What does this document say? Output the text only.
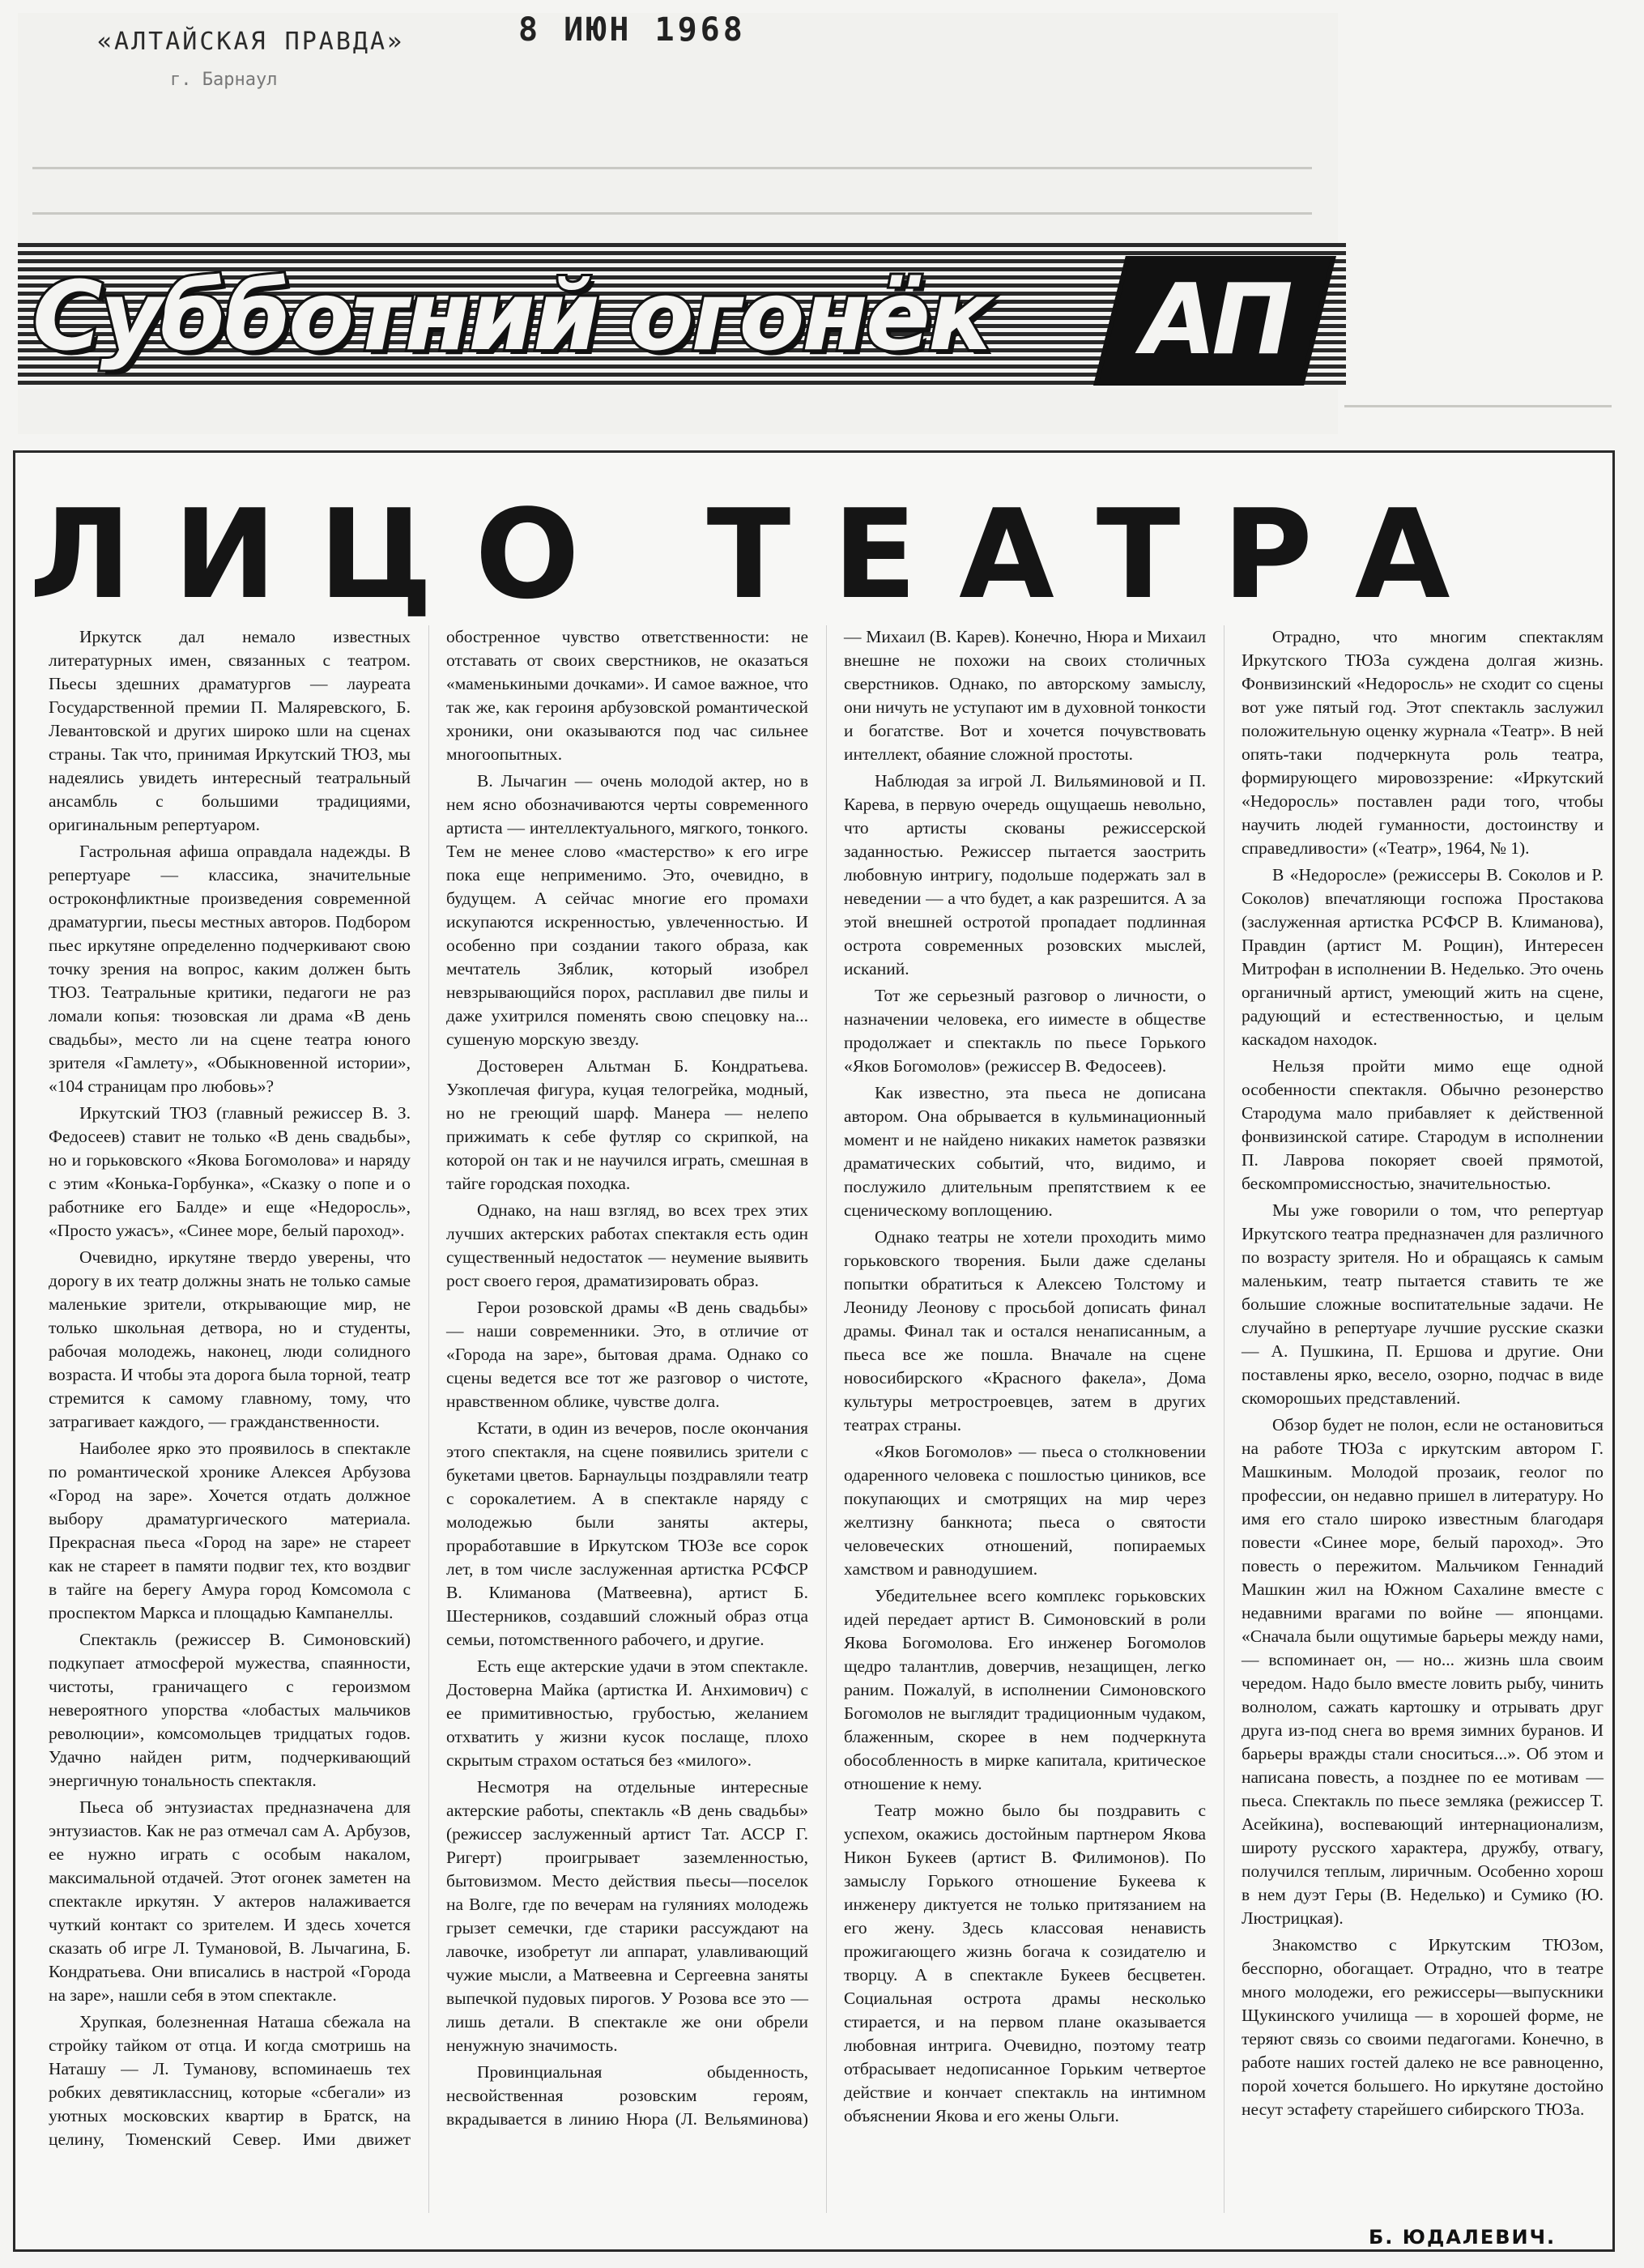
«АЛТАЙСКАЯ ПРАВДА»
г. Барнаул
8 ИЮН 1968
Субботний огонёк	АП
ЛИЦО ТЕАТРА

Иркутск дал немало известных литературных имен, связанных с театром. Пьесы здешних драматургов — лауреата Государственной премии П. Маляревского, Б. Левантовской и других широко шли на сценах страны. Так что, принимая Иркутский ТЮЗ, мы надеялись увидеть интересный театральный ансамбль с большими традициями, оригинальным репертуаром.

Гастрольная афиша оправдала надежды. В репертуаре — классика, значительные остроконфликтные произведения современной драматургии, пьесы местных авторов. Подбором пьес иркутяне определенно подчеркивают свою точку зрения на вопрос, каким должен быть ТЮЗ. Театральные критики, педагоги не раз ломали копья: тюзовская ли драма «В день свадьбы», место ли на сцене театра юного зрителя «Гамлету», «Обыкновенной истории», «104 страницам про любовь»?

Иркутский ТЮЗ (главный режиссер В. З. Федосеев) ставит не только «В день свадьбы», но и горьковского «Якова Богомолова» и наряду с этим «Конька-Горбунка», «Сказку о попе и о работнике его Балде» и еще «Недоросль», «Просто ужасъ», «Синее море, белый пароход».

Очевидно, иркутяне твердо уверены, что дорогу в их театр должны знать не только самые маленькие зрители, открывающие мир, не только школьная детвора, но и студенты, рабочая молодежь, наконец, люди солидного возраста. И чтобы эта дорога была торной, театр стремится к самому главному, тому, что затрагивает каждого, — гражданственности.

Наиболее ярко это проявилось в спектакле по романтической хронике Алексея Арбузова «Город на заре». Хочется отдать должное выбору драматургического материала. Прекрасная пьеса «Город на заре» не стареет как не стареет в памяти подвиг тех, кто воздвиг в тайге на берегу Амура город Комсомола с проспектом Маркса и площадью Кампанеллы.

Спектакль (режиссер В. Симоновский) подкупает атмосферой мужества, спаянности, чистоты, граничащего с героизмом невероятного упорства «лобастых мальчиков революции», комсомольцев тридцатых годов. Удачно найден ритм, подчеркивающий энергичную тональность спектакля.

Пьеса об энтузиастах предназначена для энтузиастов. Как не раз отмечал сам А. Арбузов, ее нужно играть с особым накалом, максимальной отдачей. Этот огонек заметен на спектакле иркутян. У актеров налаживается чуткий контакт со зрителем. И здесь хочется сказать об игре Л. Тумановой, В. Лычагина, Б. Кондратьева. Они вписались в настрой «Города на заре», нашли себя в этом спектакле.

Хрупкая, болезненная Наташа сбежала на стройку тайком от отца. И когда смотришь на Наташу — Л. Туманову, вспоминаешь тех робких девятиклассниц, которые «сбегали» из уютных московских квартир в Братск, на целину, Тюменский Север. Ими движет обостренное чувство ответственности: не отставать от своих сверстников, не оказаться «маменькиными дочками». И самое важное, что так же, как героиня арбузовской романтической хроники, они оказываются под час сильнее многоопытных.

В. Лычагин — очень молодой актер, но в нем ясно обозначиваются черты современного артиста — интеллектуального, мягкого, тонкого. Тем не менее слово «мастерство» к его игре пока еще неприменимо. Это, очевидно, в будущем. А сейчас многие его промахи искупаются искренностью, увлеченностью. И особенно при создании такого образа, как мечтатель Зяблик, который изобрел невзрывающийся порох, расплавил две пилы и даже ухитрился поменять свою спецовку на... сушеную морскую звезду.

Достоверен Альтман Б. Кондратьева. Узкоплечая фигура, куцая телогрейка, модный, но не греющий шарф. Манера — нелепо прижимать к себе футляр со скрипкой, на которой он так и не научился играть, смешная в тайге городская походка.

Однако, на наш взгляд, во всех трех этих лучших актерских работах спектакля есть один существенный недостаток — неумение выявить рост своего героя, драматизировать образ.

Герои розовской драмы «В день свадьбы» — наши современники. Это, в отличие от «Города на заре», бытовая драма. Однако со сцены ведется все тот же разговор о чистоте, нравственном облике, чувстве долга.

Кстати, в один из вечеров, после окончания этого спектакля, на сцене появились зрители с букетами цветов. Барнаульцы поздравляли театр с сорокалетием. А в спектакле наряду с молодежью были заняты актеры, проработавшие в Иркутском ТЮЗе все сорок лет, в том числе заслуженная артистка РСФСР В. Климанова (Матвеевна), артист Б. Шестерников, создавший сложный образ отца семьи, потомственного рабочего, и другие.

Есть еще актерские удачи в этом спектакле. Достоверна Майка (артистка И. Анхимович) с ее примитивностью, грубостью, желанием отхватить у жизни кусок послаще, плохо скрытым страхом остаться без «милого».

Несмотря на отдельные интересные актерские работы, спектакль «В день свадьбы» (режиссер заслуженный артист Тат. АССР Г. Ригерт) проигрывает заземленностью, бытовизмом. Место действия пьесы—поселок на Волге, где по вечерам на гуляниях молодежь грызет семечки, где старики рассуждают на лавочке, изобретут ли аппарат, улавливающий чужие мысли, а Матвеевна и Сергеевна заняты выпечкой пудовых пирогов. У Розова все это — лишь детали. В спектакле же они обрели ненужную значимость.

Провинциальная обыденность, несвойственная розовским героям, вкрадывается в линию Нюра (Л. Вельяминова) — Михаил (В. Карев). Конечно, Нюра и Михаил внешне не похожи на своих столичных сверстников. Однако, по авторскому замыслу, они ничуть не уступают им в духовной тонкости и богатстве. Вот и хочется почувствовать интеллект, обаяние сложной простоты.

Наблюдая за игрой Л. Вильяминовой и П. Карева, в первую очередь ощущаешь невольно, что артисты скованы режиссерской заданностью. Режиссер пытается заострить любовную интригу, подольше подержать зал в неведении — а что будет, а как разрешится. А за этой внешней остротой пропадает подлинная острота современных розовских мыслей, исканий.

Тот же серьезный разговор о личности, о назначении человека, его ииместе в обществе продолжает и спектакль по пьесе Горького «Яков Богомолов» (режиссер В. Федосеев).

Как известно, эта пьеса не дописана автором. Она обрывается в кульминационный момент и не найдено никаких наметок развязки драматических событий, что, видимо, и послужило длительным препятствием к ее сценическому воплощению.

Однако театры не хотели проходить мимо горьковского творения. Были даже сделаны попытки обратиться к Алексею Толстому и Леониду Леонову с просьбой дописать финал драмы. Финал так и остался ненаписанным, а пьеса все же пошла. Вначале на сцене новосибирского «Красного факела», Дома культуры метростроевцев, затем в других театрах страны.

«Яков Богомолов» — пьеса о столкновении одаренного человека с пошлостью циников, все покупающих и смотрящих на мир через желтизну банкнота; пьеса о святости человеческих отношений, попираемых хамством и равнодушием.

Убедительнее всего комплекс горьковских идей передает артист В. Симоновский в роли Якова Богомолова. Его инженер Богомолов щедро талантлив, доверчив, незащищен, легко раним. Пожалуй, в исполнении Симоновского Богомолов не выглядит традиционным чудаком, блаженным, скорее в нем подчеркнута обособленность в мирке капитала, критическое отношение к нему.

Театр можно было бы поздравить с успехом, окажись достойным партнером Якова Никон Букеев (артист В. Филимонов). По замыслу Горького отношение Букеева к инженеру диктуется не только притязанием на его жену. Здесь классовая ненависть прожигающего жизнь богача к созидателю и творцу. А в спектакле Букеев бесцветен. Социальная острота драмы несколько стирается, и на первом плане оказывается любовная интрига. Очевидно, поэтому театр отбрасывает недописанное Горьким четвертое действие и кончает спектакль на интимном объяснении Якова и его жены Ольги.

Отрадно, что многим спектаклям Иркутского ТЮЗа суждена долгая жизнь. Фонвизинский «Недоросль» не сходит со сцены вот уже пятый год. Этот спектакль заслужил положительную оценку журнала «Театр». В ней опять-таки подчеркнута роль театра, формирующего мировоззрение: «Иркутский «Недоросль» поставлен ради того, чтобы научить людей гуманности, достоинству и справедливости» («Театр», 1964, № 1).

В «Недоросле» (режиссеры В. Соколов и Р. Соколов) впечатляющи госпожа Простакова (заслуженная артистка РСФСР В. Климанова), Правдин (артист М. Рощин), Интересен Митрофан в исполнении В. Неделько. Это очень органичный артист, умеющий жить на сцене, радующий и естественностью, и целым каскадом находок.

Нельзя пройти мимо еще одной особенности спектакля. Обычно резонерство Стародума мало прибавляет к действенной фонвизинской сатире. Стародум в исполнении П. Лаврова покоряет своей прямотой, бескомпромиссностью, значительностью.

Мы уже говорили о том, что репертуар Иркутского театра предназначен для различного по возрасту зрителя. Но и обращаясь к самым маленьким, театр пытается ставить те же большие сложные воспитательные задачи. Не случайно в репертуаре лучшие русские сказки — А. Пушкина, П. Ершова и другие. Они поставлены ярко, весело, озорно, подчас в виде скоморошьих представлений.

Обзор будет не полон, если не остановиться на работе ТЮЗа с иркутским автором Г. Машкиным. Молодой прозаик, геолог по профессии, он недавно пришел в литературу. Но имя его стало широко известным благодаря повести «Синее море, белый пароход». Это повесть о пережитом. Мальчиком Геннадий Машкин жил на Южном Сахалине вместе с недавними врагами по войне — японцами. «Сначала были ощутимые барьеры между нами, — вспоминает он, — но... жизнь шла своим чередом. Надо было вместе ловить рыбу, чинить волнолом, сажать картошку и отрывать друг друга из-под снега во время зимних буранов. И барьеры вражды стали сноситься...». Об этом и написана повесть, а позднее по ее мотивам —пьеса. Спектакль по пьесе земляка (режиссер Т. Асейкина), воспевающий интернационализм, широту русского характера, дружбу, отвагу, получился теплым, лиричным. Особенно хорош в нем дуэт Геры (В. Неделько) и Сумико (Ю. Люстрицкая).

Знакомство с Иркутским ТЮЗом, бесспорно, обогащает. Отрадно, что в театре много молодежи, его режиссеры—выпускники Щукинского училища — в хорошей форме, не теряют связь со своими педагогами. Конечно, в работе наших гостей далеко не все равноценно, порой хочется большего. Но иркутяне достойно несут эстафету старейшего сибирского ТЮЗа.

Б. ЮДАЛЕВИЧ.
